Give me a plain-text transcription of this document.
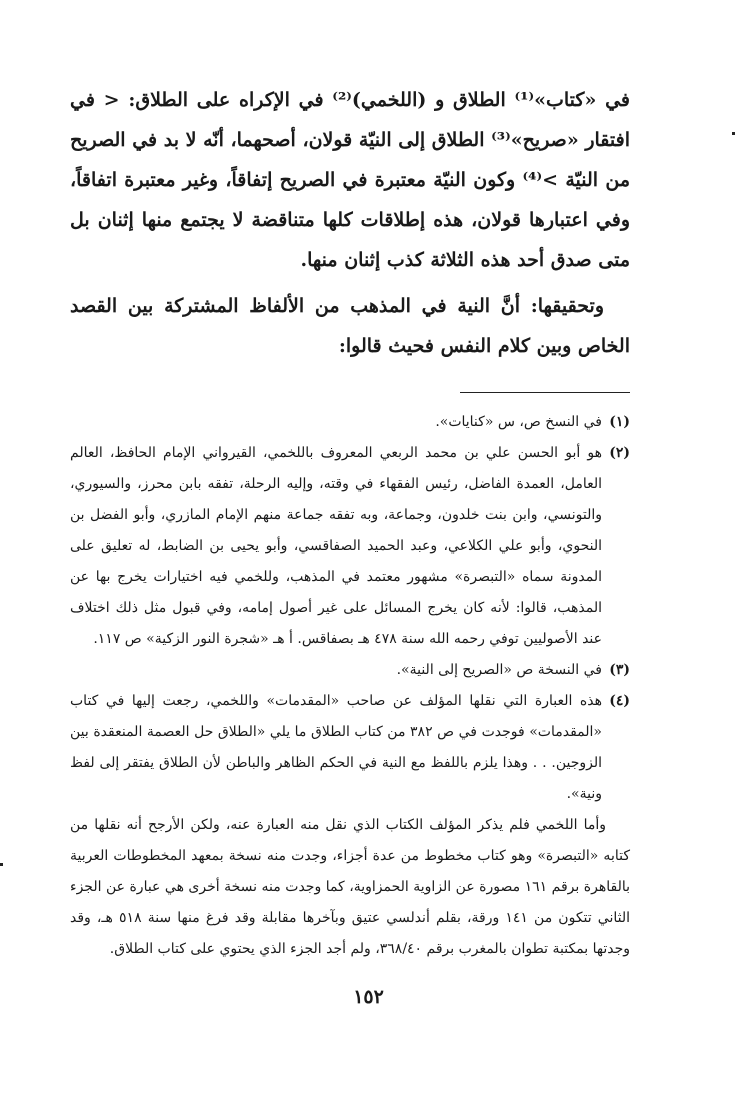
في «كتاب»⁽¹⁾ الطلاق و (اللخمي)⁽²⁾ في الإكراه على الطلاق: < في افتقار «صريح»⁽³⁾ الطلاق إلى النيّة قولان، أصحهما، أنّه لا بد في الصريح من النيّة >⁽⁴⁾ وكون النيّة معتبرة في الصريح إتفاقاً، وغير معتبرة اتفاقاً، وفي اعتبارها قولان، هذه إطلاقات كلها متناقضة لا يجتمع منها إثنان بل متى صدق أحد هذه الثلاثة كذب إثنان منها.

وتحقيقها: أنَّ النية في المذهب من الألفاظ المشتركة بين القصد الخاص وبين كلام النفس فحيث قالوا:

(١)
في النسخ ص، س «كنايات».

(٢)
هو أبو الحسن علي بن محمد الربعي المعروف باللخمي، القيرواني الإمام الحافظ، العالم العامل، العمدة الفاضل، رئيس الفقهاء في وقته، وإليه الرحلة، تفقه بابن محرز، والسيوري، والتونسي، وابن بنت خلدون، وجماعة، وبه تفقه جماعة منهم الإمام المازري، وأبو الفضل بن النحوي، وأبو علي الكلاعي، وعبد الحميد الصفاقسي، وأبو يحيى بن الضابط، له تعليق على المدونة سماه «التبصرة» مشهور معتمد في المذهب، وللخمي فيه اختيارات يخرج بها عن المذهب، قالوا: لأنه كان يخرج المسائل على غير أصول إمامه، وفي قبول مثل ذلك اختلاف عند الأصوليين توفي رحمه الله سنة ٤٧٨ هـ بصفاقس. أ هـ «شجرة النور الزكية» ص ١١٧.

(٣)
في النسخة ص «الصريح إلى النية».

(٤)
هذه العبارة التي نقلها المؤلف عن صاحب «المقدمات» واللخمي، رجعت إليها في كتاب «المقدمات» فوجدت في ص ٣٨٢ من كتاب الطلاق ما يلي «الطلاق حل العصمة المنعقدة بين الزوجين. . . وهذا يلزم باللفظ مع النية في الحكم الظاهر والباطن لأن الطلاق يفتقر إلى لفظ ونية».

وأما اللخمي فلم يذكر المؤلف الكتاب الذي نقل منه العبارة عنه، ولكن الأرجح أنه نقلها من كتابه «التبصرة» وهو كتاب مخطوط من عدة أجزاء، وجدت منه نسخة بمعهد المخطوطات العربية بالقاهرة برقم ١٦١ مصورة عن الزاوية الحمزاوية، كما وجدت منه نسخة أخرى هي عبارة عن الجزء الثاني تتكون من ١٤١ ورقة، بقلم أندلسي عتيق وبآخرها مقابلة وقد فرغ منها سنة ٥١٨ هـ، وقد وجدتها بمكتبة تطوان بالمغرب برقم ٣٦٨/٤٠، ولم أجد الجزء الذي يحتوي على كتاب الطلاق.

١٥٢
